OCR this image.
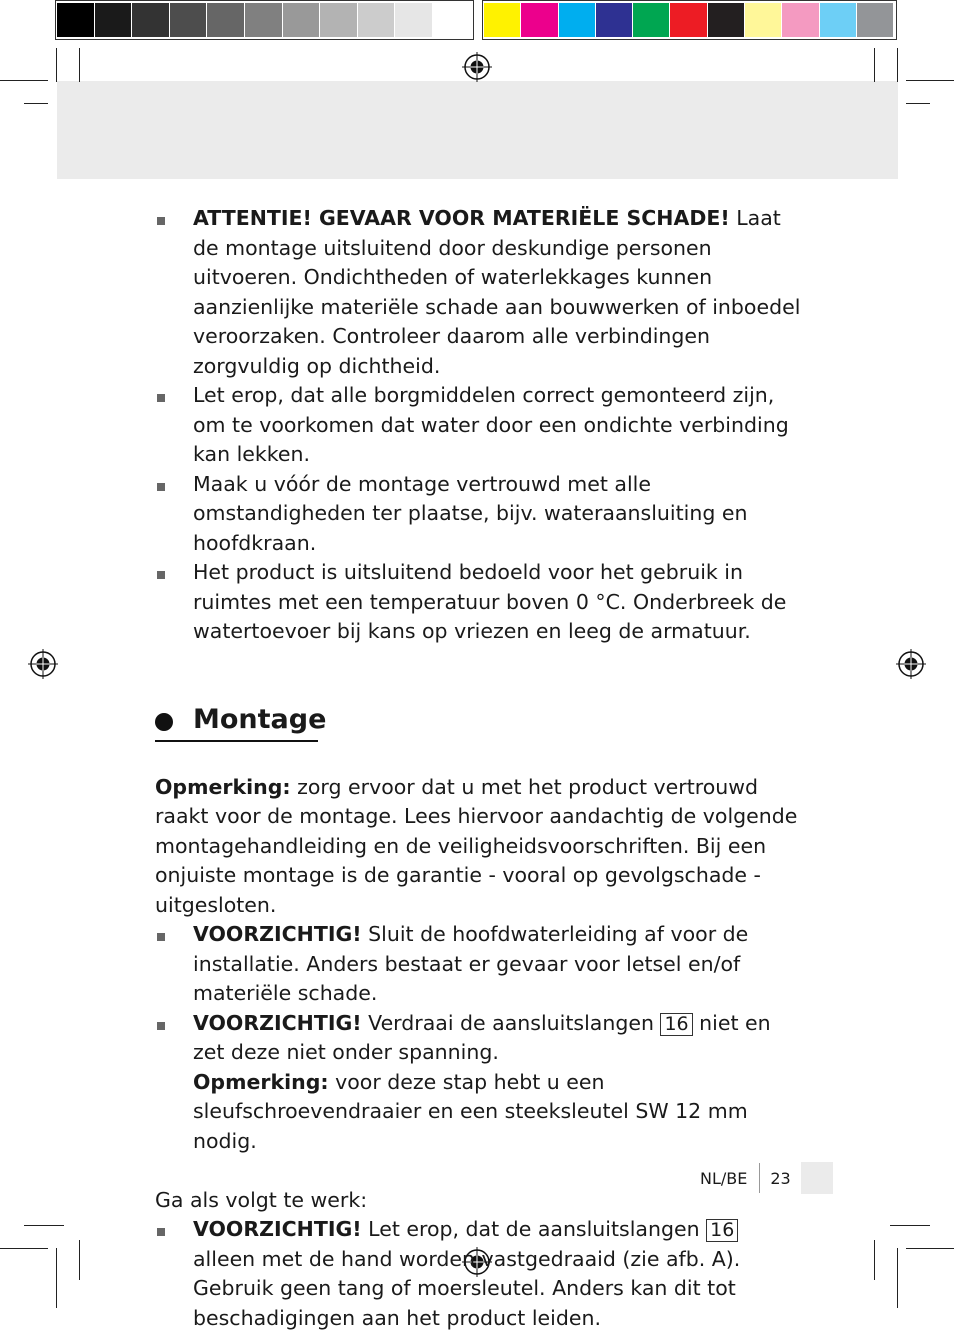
ATTENTIE! GEVAAR VOOR MATERIËLE SCHADE! Laat de montage uitsluitend door deskundige personen uitvoeren. Ondichtheden of waterlekkages kunnen aanzienlijke materiële schade aan bouwwerken of inboedel veroorzaken. Controleer daarom alle verbindingen zorgvuldig op dichtheid.
Let erop, dat alle borgmiddelen correct gemonteerd zijn, om te voorkomen dat water door een ondichte verbinding kan lekken.
Maak u vóór de montage vertrouwd met alle omstandigheden ter plaatse, bijv. wateraansluiting en hoofdkraan.
Het product is uitsluitend bedoeld voor het gebruik in ruimtes met een temperatuur boven 0 °C. Onderbreek de watertoevoer bij kans op vriezen en leeg de armatuur.
Montage

Opmerking: zorg ervoor dat u met het product vertrouwd raakt voor de montage. Lees hiervoor aandachtig de volgende montagehandleiding en de veiligheidsvoorschriften. Bij een onjuiste montage is de garantie - vooral op gevolgschade - uitgesloten.

VOORZICHTIG! Sluit de hoofdwaterleiding af voor de installatie. Anders bestaat er gevaar voor letsel en/of materiële schade.
VOORZICHTIG! Verdraai de aansluitslangen 16 niet en zet deze niet onder spanning.
Opmerking: voor deze stap hebt u een sleufschroevendraaier en een steeksleutel SW 12 mm nodig.

Ga als volgt te werk:

VOORZICHTIG! Let erop, dat de aansluitslangen 16 alleen met de hand worden vastgedraaid (zie afb. A). Gebruik geen tang of moersleutel. Anders kan dit tot beschadigingen aan het product leiden.
NL/BE	23
